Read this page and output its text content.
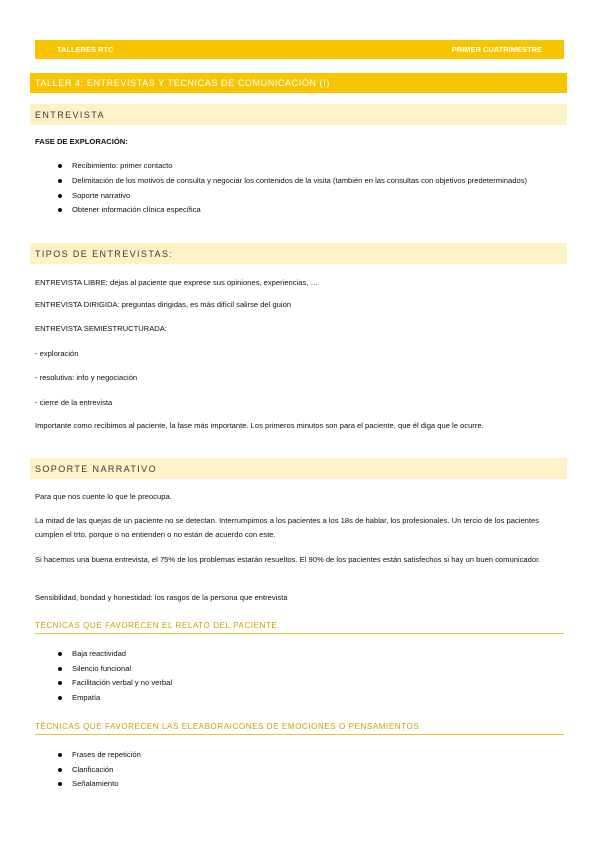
TALLERES RTC	PRIMER CUATRIMESTRE
TALLER 4: ENTREVISTAS Y TECNICAS DE COMUNICACIÓN (I)
ENTREVISTA
FASE DE EXPLORACIÓN:
Recibimiento: primer contacto
Delimitación de los motivos de consulta y negociar los contenidos de la visita (también en las consultas con objetivos predeterminados)
Soporte narrativo
Obtener información clínica específica
TIPOS DE ENTREVISTAS:
ENTREVISTA LIBRE: dejas al paciente que exprese sus opiniones, experiencias, …
ENTREVISTA DIRIGIDA: preguntas dirigidas, es más difícil salirse del guion
ENTREVISTA SEMIESTRUCTURADA:
- exploración
- resolutiva: info y negociación
- cierre de la entrevista
Importante como recibimos al paciente, la fase más importante. Los primeros minutos son para el paciente, que él diga que le ocurre.
SOPORTE NARRATIVO
Para que nos cuente lo que le preocupa.
La mitad de las quejas de un paciente no se detectan. Interrumpimos a los pacientes a los 18s de hablar, los profesionales. Un tercio de los pacientes cumplen el trto, porque o no entienden o no están de acuerdo con este.
Si hacemos una buena entrevista, el 75% de los problemas estarán resueltos. El 90% de los pacientes están satisfechos si hay un buen comunicador.
Sensibilidad, bondad y honestidad: los rasgos de la persona que entrevista
TÉCNICAS QUE FAVORECEN EL RELATO DEL PACIENTE
Baja reactividad
Silencio funcional
Facilitación verbal y no verbal
Empatía
TÉCNICAS QUE FAVORECEN LAS ELEABORAICONES DE EMOCIONES O PENSAMIENTOS
Frases de repetición
Clarificación
Señalamiento
